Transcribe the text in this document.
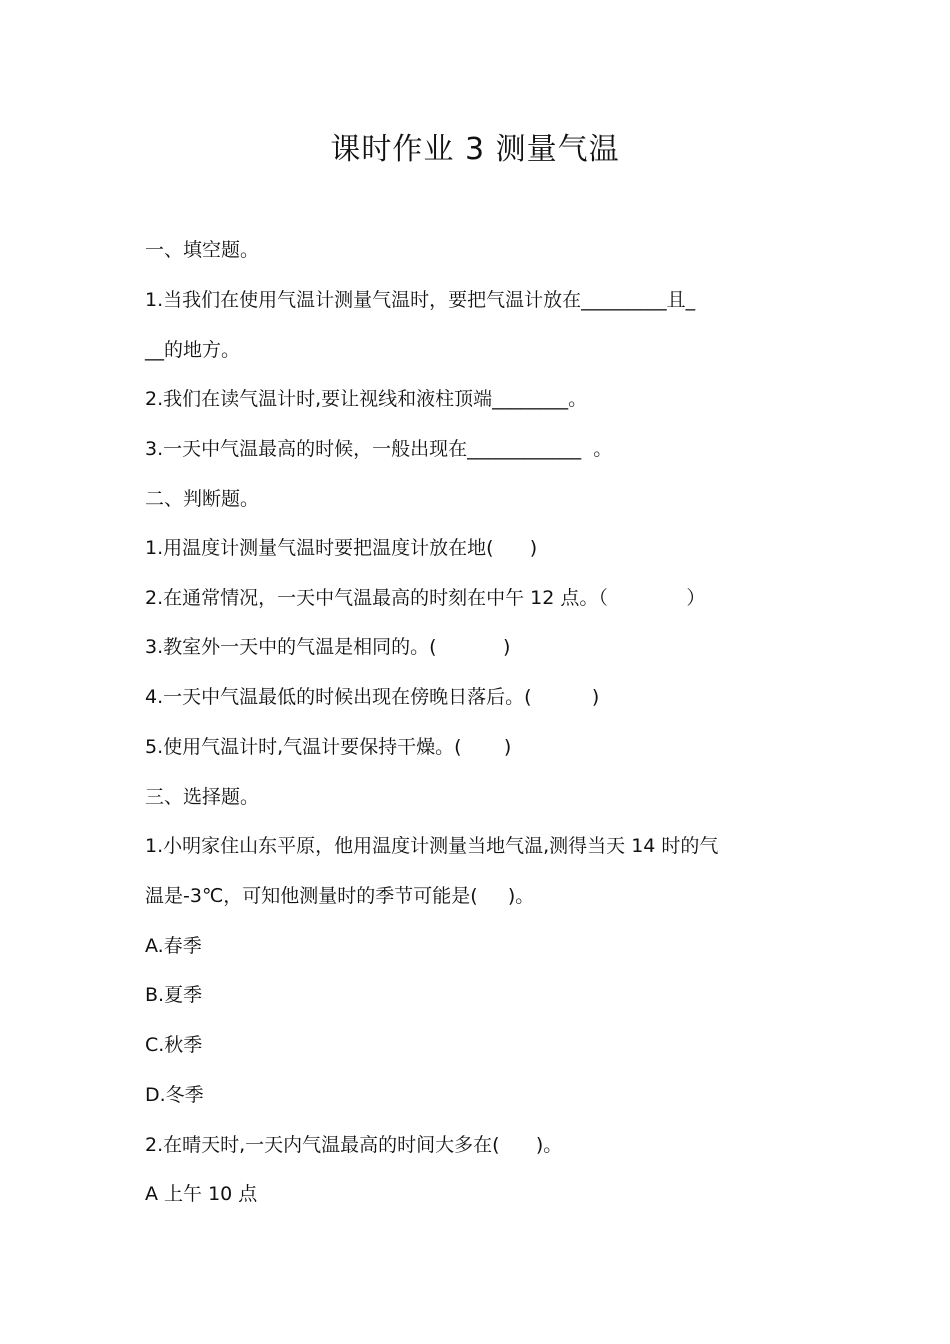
课时作业 3 测量气温
一、填空题。
1.当我们在使用气温计测量气温时，要把气温计放在_________且_
__的地方。
2.我们在读气温计时,要让视线和液柱顶端________。
3.一天中气温最高的时候，一般出现在____________  。
二、判断题。
1.用温度计测量气温时要把温度计放在地(      )
2.在通常情况，一天中气温最高的时刻在中午 12 点。（             ）
3.教室外一天中的气温是相同的。(           )
4.一天中气温最低的时候出现在傍晚日落后。(          )
5.使用气温计时,气温计要保持干燥。(       )
三、选择题。
1.小明家住山东平原，他用温度计测量当地气温,测得当天 14 时的气
温是-3℃，可知他测量时的季节可能是(     )。
A.春季
B.夏季
C.秋季
D.冬季
2.在晴天时,一天内气温最高的时间大多在(      )。
A 上午 10 点
